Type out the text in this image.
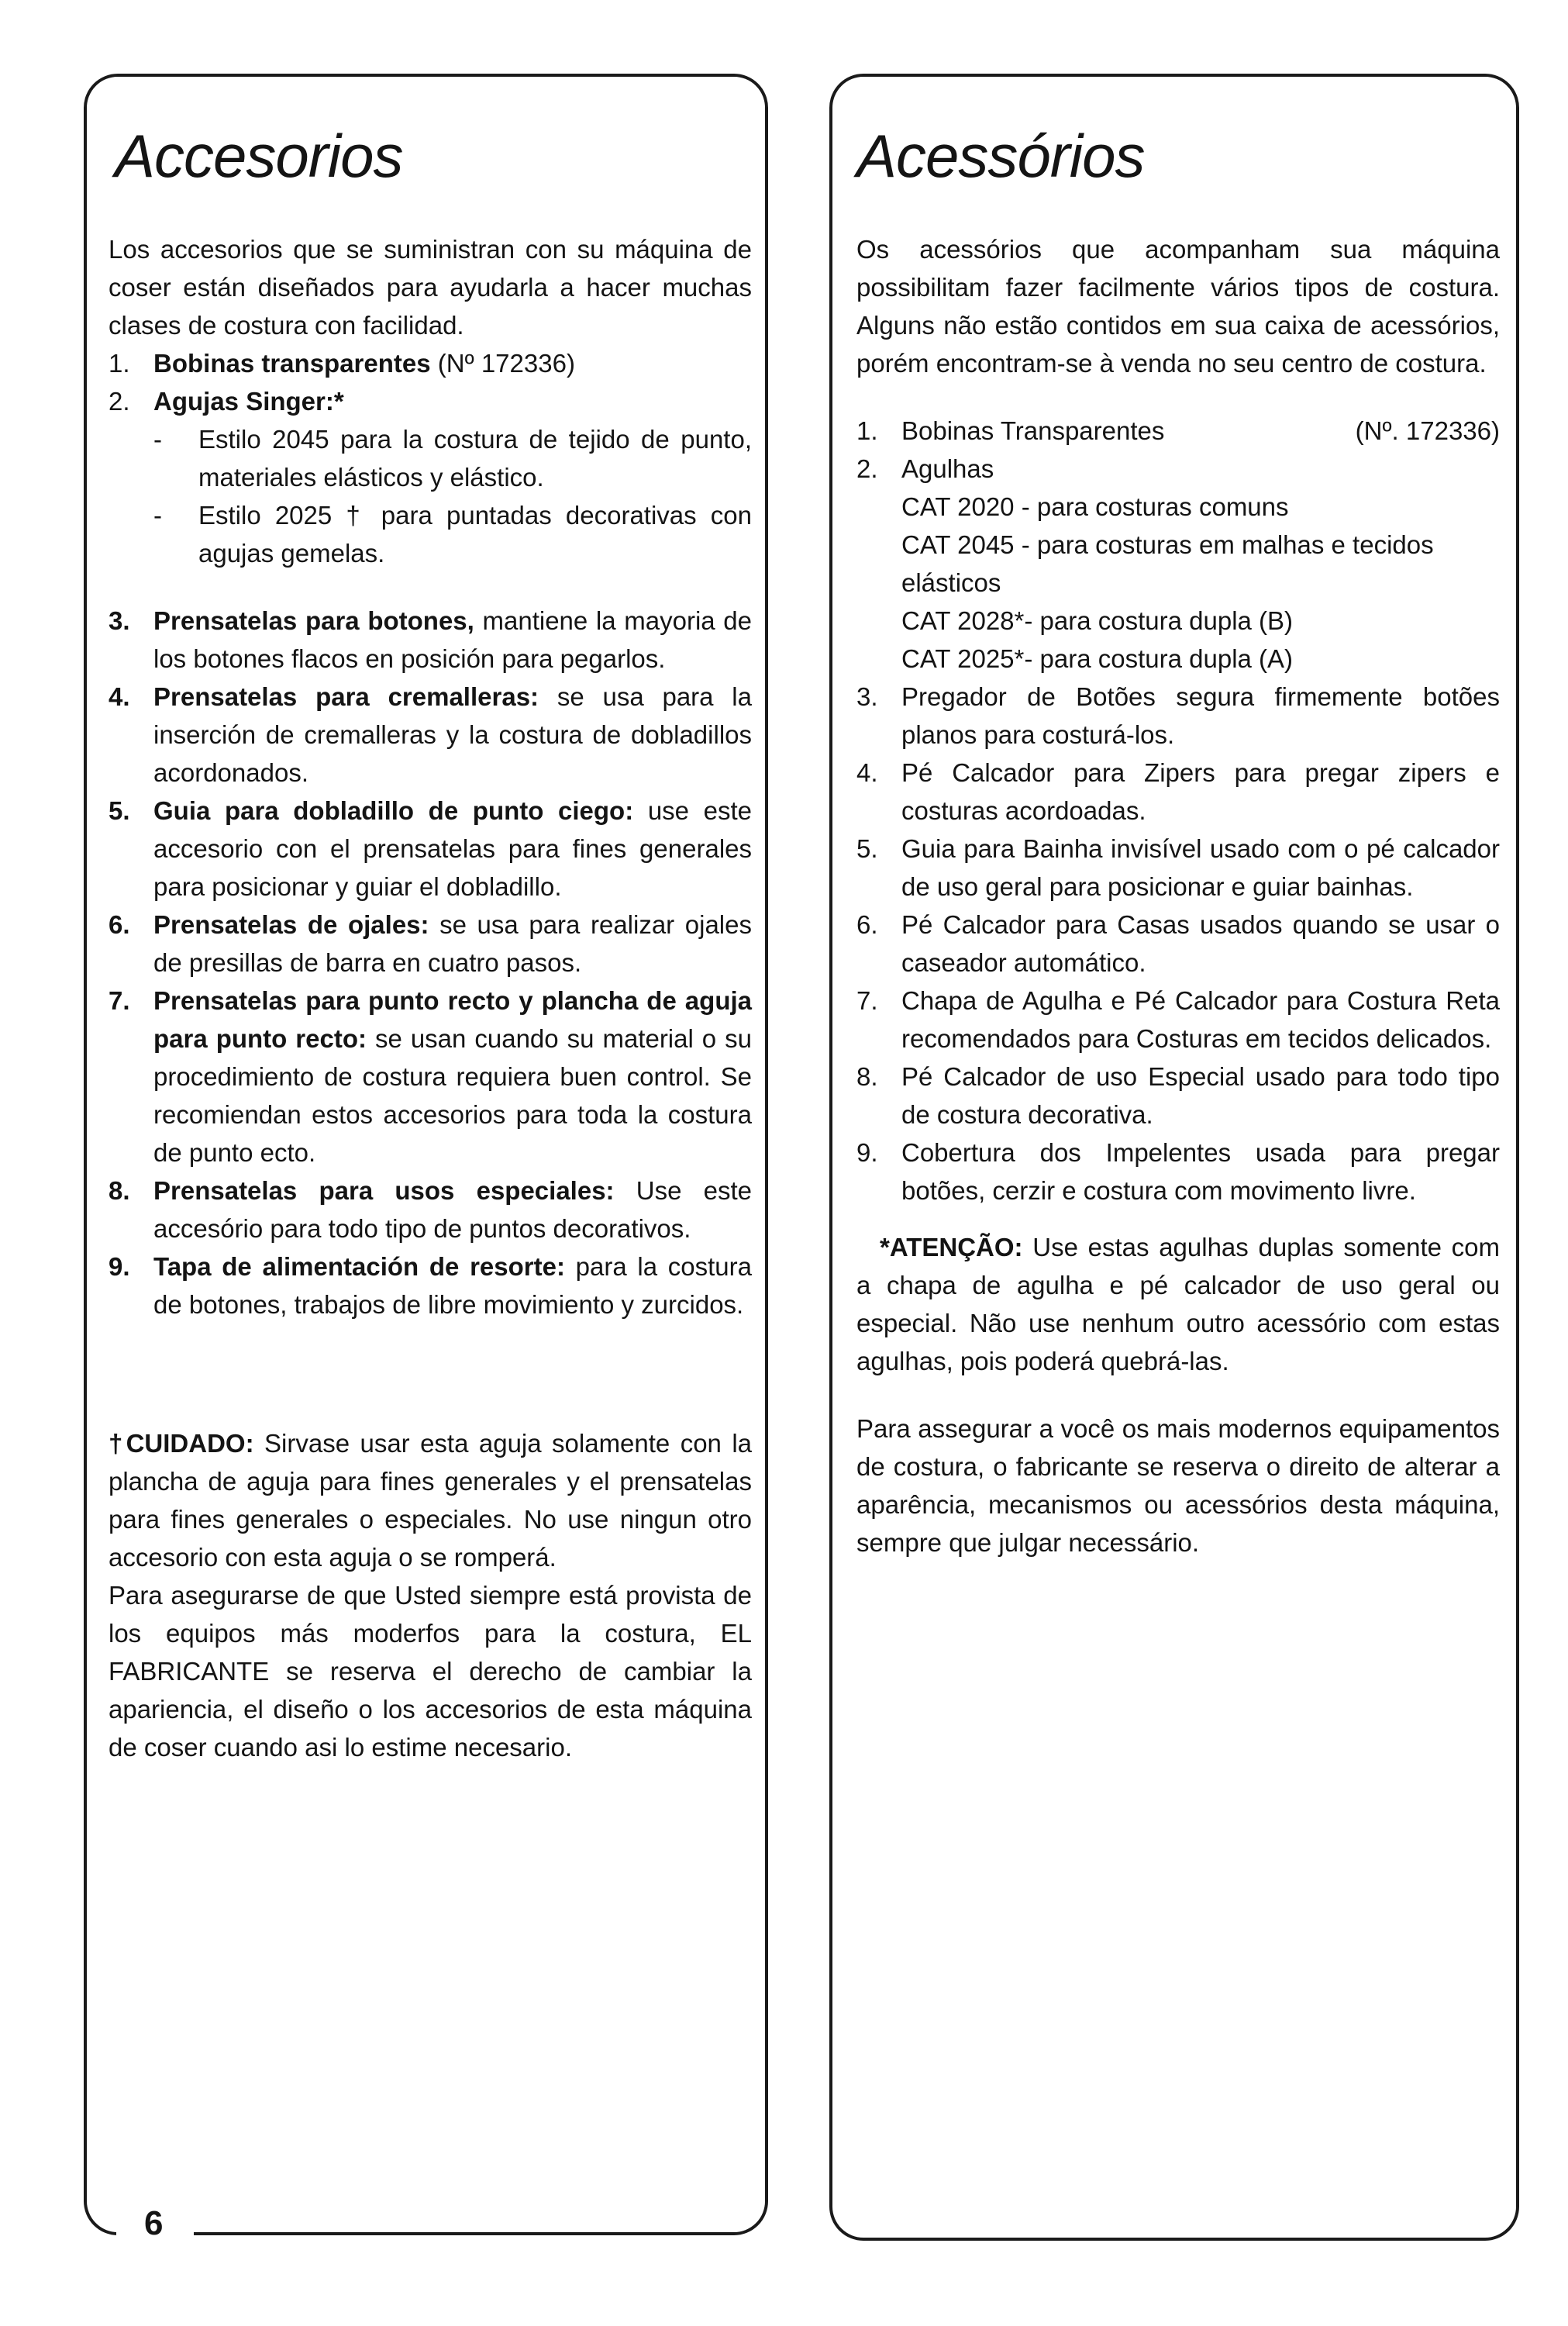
6
Accesorios

Los accesorios que se suministran con su máquina de coser están diseñados para ayudarla a hacer muchas clases de costura con facilidad.

1. Bobinas transparentes (Nº 172336)
2. Agujas Singer:*
-	Estilo 2045 para la costura de tejido de punto, materiales elásticos y elástico.
-	Estilo 2025 † para puntadas decorativas con agujas gemelas.
3. Prensatelas para botones, mantiene la mayoria de los botones flacos en posición para pegarlos.
4. Prensatelas para cremalleras: se usa para la inserción de cremalleras y la costura de dobladillos acordonados.
5. Guia para dobladillo de punto ciego: use este accesorio con el prensatelas para fines generales para posicionar y guiar el dobladillo.
6. Prensatelas de ojales: se usa para realizar ojales de presillas de barra en cuatro pasos.
7. Prensatelas para punto recto y plancha de aguja para punto recto: se usan cuando su material o su procedimiento de costura requiera buen control. Se recomiendan estos accesorios para toda la costura de punto ecto.
8. Prensatelas para usos especiales: Use este accesório para todo tipo de puntos decorativos.
9. Tapa de alimentación de resorte: para la costura de botones, trabajos de libre movimiento y zurcidos.

†CUIDADO: Sirvase usar esta aguja solamente con la plancha de aguja para fines generales y el prensatelas para fines generales o especiales. No use ningun otro accesorio con esta aguja o se romperá.

Para asegurarse de que Usted siempre está provista de los equipos más moderfos para la costura, EL FABRICANTE se reserva el derecho de cambiar la apariencia, el diseño o los accesorios de esta máquina de coser cuando asi lo estime necesario.

Acessórios

Os acessórios que acompanham sua máquina possibilitam fazer facilmente vários tipos de costura. Alguns não estão contidos em sua caixa de acessórios, porém encontram-se à venda no seu centro de costura.

1. Bobinas Transparentes	(Nº. 172336)
2. Agulhas
CAT 2020 - para costuras comuns
CAT 2045 - para costuras em malhas e tecidos elásticos
CAT 2028*- para costura dupla (B)
CAT 2025*- para costura dupla (A)
3. Pregador de Botões segura firmemente botões planos para costurá-los.
4. Pé Calcador para Zipers para pregar zipers e costuras acordoadas.
5. Guia para Bainha invisível usado com o pé calcador de uso geral para posicionar e guiar bainhas.
6. Pé Calcador para Casas usados quando se usar o caseador automático.
7. Chapa de Agulha e Pé Calcador para Costura Reta recomendados para Costuras em tecidos delicados.
8. Pé Calcador de uso Especial usado para todo tipo de costura decorativa.
9. Cobertura dos Impelentes usada para pregar botões, cerzir e costura com movimento livre.

*ATENÇÃO: Use estas agulhas duplas somente com a chapa de agulha e pé calcador de uso geral ou especial. Não use nenhum outro acessório com estas agulhas, pois poderá quebrá-las.

Para assegurar a você os mais modernos equipamentos de costura, o fabricante se reserva o direito de alterar a aparência, mecanismos ou acessórios desta máquina, sempre que julgar necessário.
